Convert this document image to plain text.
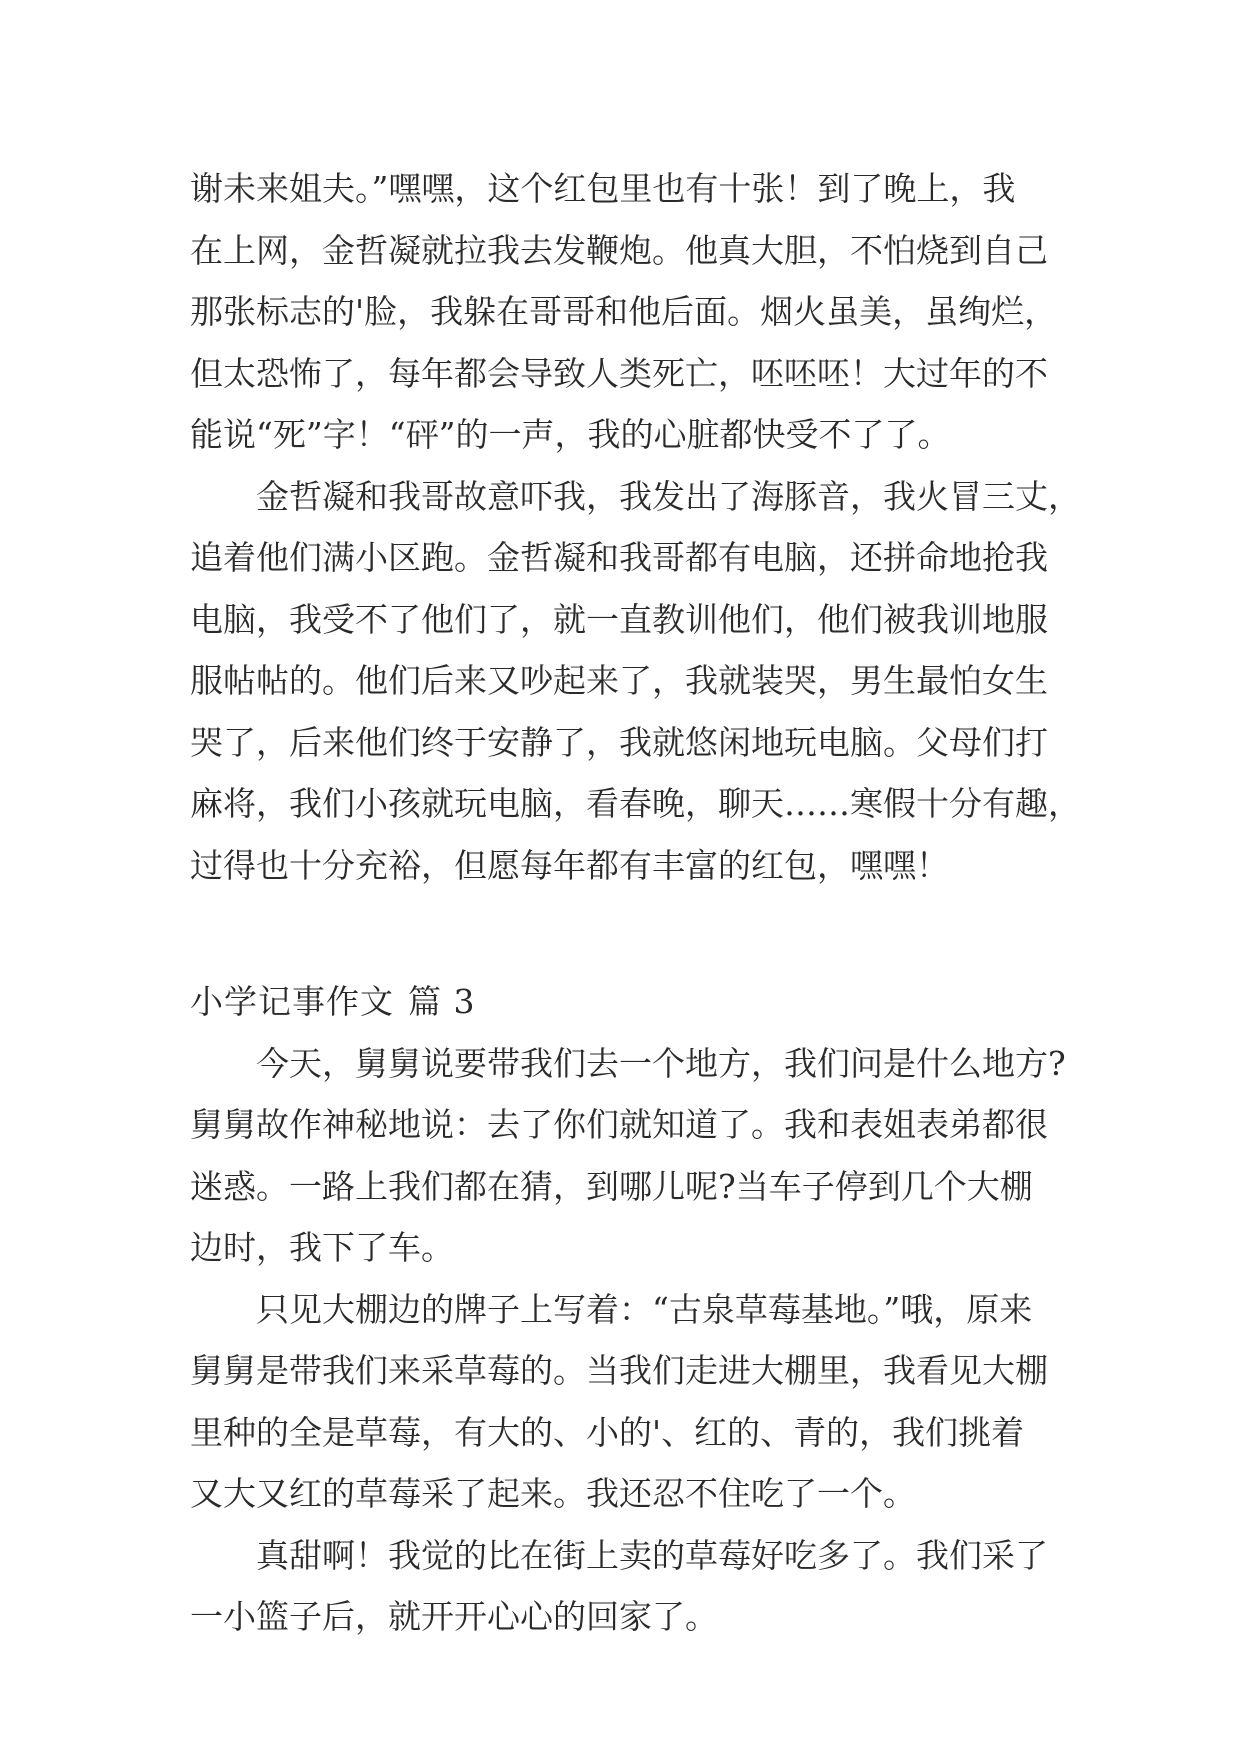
谢未来姐夫。”嘿嘿，这个红包里也有十张！到了晚上，我
在上网，金哲凝就拉我去发鞭炮。他真大胆，不怕烧到自己
那张标志的'脸，我躲在哥哥和他后面。烟火虽美，虽绚烂，
但太恐怖了，每年都会导致人类死亡，呸呸呸！大过年的不
能说“死”字！“砰”的一声，我的心脏都快受不了了。
金哲凝和我哥故意吓我，我发出了海豚音，我火冒三丈，
追着他们满小区跑。金哲凝和我哥都有电脑，还拼命地抢我
电脑，我受不了他们了，就一直教训他们，他们被我训地服
服帖帖的。他们后来又吵起来了，我就装哭，男生最怕女生
哭了，后来他们终于安静了，我就悠闲地玩电脑。父母们打
麻将，我们小孩就玩电脑，看春晚，聊天……寒假十分有趣，
过得也十分充裕，但愿每年都有丰富的红包，嘿嘿！
小学记事作文 篇 3
今天，舅舅说要带我们去一个地方，我们问是什么地方?
舅舅故作神秘地说：去了你们就知道了。我和表姐表弟都很
迷惑。一路上我们都在猜，到哪儿呢?当车子停到几个大棚
边时，我下了车。
只见大棚边的牌子上写着：“古泉草莓基地。”哦，原来
舅舅是带我们来采草莓的。当我们走进大棚里，我看见大棚
里种的全是草莓，有大的、小的'、红的、青的，我们挑着
又大又红的草莓采了起来。我还忍不住吃了一个。
真甜啊！我觉的比在街上卖的草莓好吃多了。我们采了
一小篮子后，就开开心心的回家了。
